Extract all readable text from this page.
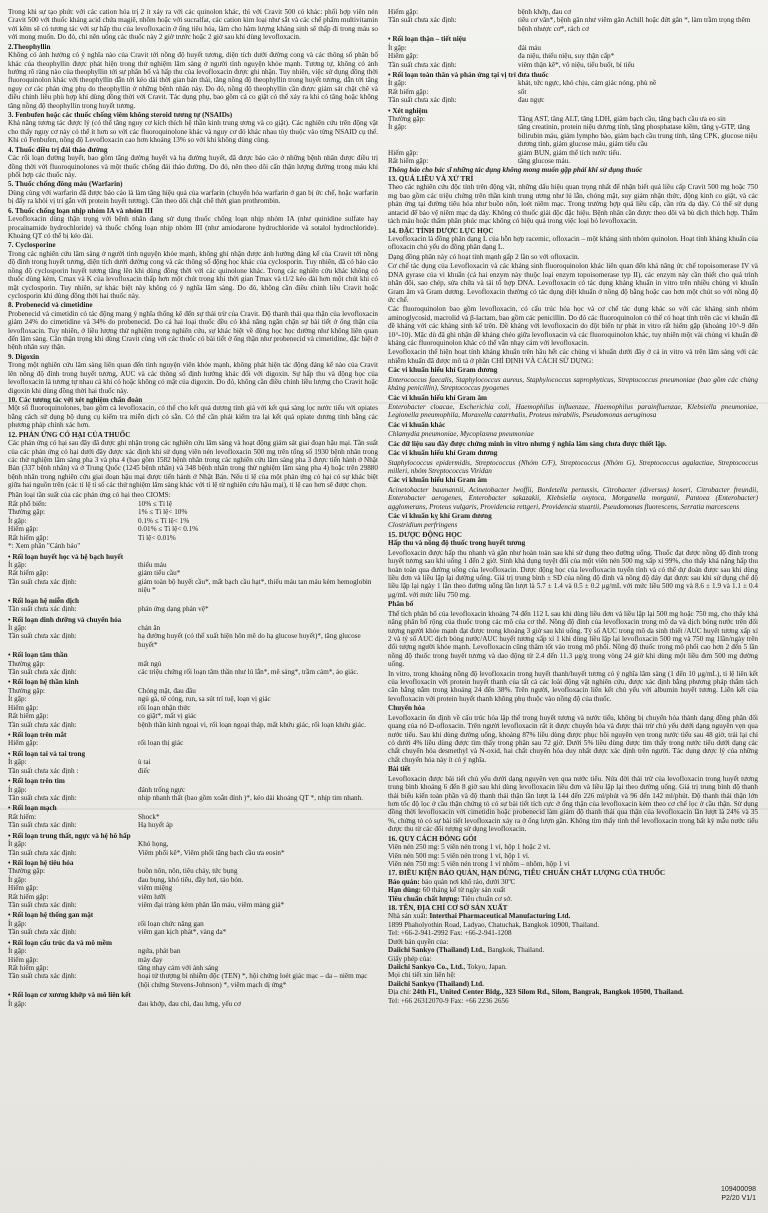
Trong khi sự tạo phức với các cation hóa trị 2 ít xảy ra với các quinolon khác, thì với Cravit 500 có khác: phối hợp viên nén Cravit 500 với thuốc kháng acid chứa magiê, nhôm hoặc với sucralfat, các cation kim loại như sắt và các chế phẩm multivitamin với kẽm sẽ có tương tác với sự hấp thu của levofloxacin ở ống tiêu hóa, làm cho hàm lượng kháng sinh sẽ thấp đi trong máu so với mong muốn. Do đó, chỉ nên uống các thuốc này 2 giờ trước hoặc 2 giờ sau khi dùng levofloxacin.

2.Theophyllin

Không có ảnh hưởng có ý nghĩa nào của Cravit tới nồng độ huyết tương, diện tích dưới đường cong và các thông số phân bố khác của theophyllin được phát hiện trong thử nghiệm lâm sàng ở người tình nguyện khỏe mạnh. Tương tự, không có ảnh hưởng rõ ràng nào của theophyllin tới sự phân bố và hấp thu của levofloxacin được ghi nhận. Tuy nhiên, việc sử dụng đồng thời fluoroquinolon khác với theophyllin dẫn tới kéo dài thời gian bán thải, tăng nồng độ theophyllin trong huyết tương, dẫn tới tăng nguy cơ các phản ứng phụ do theophyllin ở những bệnh nhân này. Do đó, nồng độ theophyllin cần được giám sát chặt chẽ và điều chỉnh liều phù hợp khi dùng đồng thời với Cravit. Tác dụng phụ, bao gồm cả co giật có thể xảy ra khi có tăng hoặc không tăng nồng độ theophyllin trong huyết tương.

3. Fenbufen hoặc các thuốc chống viêm không steroid tương tự (NSAIDs)

Khả năng tương tác được lý (có thể tăng nguy cơ kích thích hệ thần kinh trung ương và co giật). Các nghiên cứu trên động vật cho thấy nguy cơ này có thể ít hơn so với các fluoroquinolone khác và nguy cơ đó khác nhau tùy thuộc vào từng NSAID cụ thể. Khi có Fenbufen, nồng độ Levofloxacin cao hơn khoảng 13% so với khi không dùng cùng.

4. Thuốc điều trị đái tháo đường

Các rối loạn đường huyết, bao gồm tăng đường huyết và hạ đường huyết, đã được báo cáo ở những bệnh nhân được điều trị đồng thời với fluoroquinolones và một thuốc chống đái tháo đường. Do đó, nên theo dõi cẩn thận lượng đường trong máu khi phối hợp các thuốc này.

5. Thuốc chống đông máu (Warfarin)

Dùng cùng với warfarin đã được báo cáo là làm tăng hiệu quả của warfarin (chuyển hóa warfarin ở gan bị ức chế, hoặc warfarin bị đẩy ra khỏi vị trí gắn với protein huyết tương). Cần theo dõi chặt chẽ thời gian prothrombin.

6. Thuốc chống loạn nhịp nhóm IA và nhóm III

Levofloxacin dùng thận trọng với bệnh nhân đang sử dụng thuốc chống loạn nhịp nhóm IA (như quinidine sulfate hay procainamide hydrochloride) và thuốc chống loạn nhịp nhóm III (như amiodarone hydrochloride và sotalol hydrochloride). Khoảng QT có thể bị kéo dài.

7. Cyclosporine

Trong các nghiên cứu lâm sàng ở người tình nguyện khỏe mạnh, không ghi nhận được ảnh hưởng đáng kể của Cravit tới nồng độ đỉnh trong huyết tương, diện tích dưới đường cong và các thông số động học khác của cyclosporin. Tuy nhiên, đã có báo cáo nồng độ cyclosporin huyết tương tăng lên khi dùng đồng thời với các quinolone khác. Trong các nghiên cứu khác không có thuốc dùng kèm, Cmax và K của levofloxacin thấp hơn một chút trong khi thời gian Tmax và t1/2 kéo dài hơn một chút khi có mặt cyclosporin. Tuy nhiên, sự khác biệt này không có ý nghĩa lâm sàng. Do đó, không cần điều chỉnh liều Cravit hoặc cyclosporin khi dùng đồng thời hai thuốc này.

8. Probenecid và cimetidine

Probenecid và cimetidin có tác động mang ý nghĩa thống kê đến sự thải trừ của Cravit. Độ thanh thải qua thận của levofloxacin giảm 24% do cimetidine và 34% do probenecid. Do cả hai loại thuốc đều có khả năng ngăn chặn sự bài tiết ở ống thận của levofloxacin. Tuy nhiên, ở liều lượng thử nghiệm trong nghiên cứu, sự khác biệt về động học học dường như không liên quan đến lâm sàng. Cần thận trọng khi dùng Cravit cùng với các thuốc có bài tiết ở ống thận như probenecid và cimetidine, đặc biệt ở bệnh nhân suy thận.

9. Digoxin

Trong một nghiên cứu lâm sàng liên quan đến tình nguyện viên khỏe mạnh, không phát hiện tác động đáng kể nào của Cravit lên nồng độ đỉnh trong huyết tương, AUC và các thông số định hướng khác đối với digoxin. Sự hấp thu và động học của levofloxacin là tương tự nhau cả khi có hoặc không có mặt của digoxin. Do đó, không cần điều chỉnh liều lượng cho Cravit hoặc digoxin khi dùng đồng thời hai thuốc này.

10. Các tương tác với xét nghiệm chẩn đoán

Một số fluoroquinolones, bao gồm cả levofloxacin, có thể cho kết quả dương tính giả với kết quả sàng lọc nước tiểu với opiates bằng cách sử dụng bộ dụng cụ kiểm tra miễn dịch có sẵn. Có thể cần phải kiểm tra lại kết quả opiate dương tính bằng các phương pháp chính xác hơn.

12. PHẢN ỨNG CÓ HẠI CỦA THUỐC

Các phản ứng có hại sau đây đã được ghi nhận trong các nghiên cứu lâm sàng và hoạt động giám sát giai đoạn hậu mại. Tần suất của các phản ứng có hại dưới đây được xác định khi sử dụng viên nén levofloxacin 500 mg trên tổng số 1930 bệnh nhân trong các thử nghiệm lâm sàng pha 3 và pha 4 (bao gồm 1582 bệnh nhân trong các nghiên cứu lâm sàng pha 3 được tiến hành ở Nhật Bản (337 bệnh nhân) và ở Trung Quốc (1245 bệnh nhân) và 348 bệnh nhân trong thử nghiệm lâm sàng pha 4) hoặc trên 29880 bệnh nhân trong nghiên cứu giai đoạn hậu mại được tiến hành ở Nhật Bản. Nếu tỉ lệ của một phản ứng có hại có sự khác biệt giữa hai nguồn trên (các tỉ lệ tỉ số các thử nghiệm lâm sàng khác với tỉ lệ từ nghiên cứu hậu mại), tỉ lệ cao hơn sẽ được chọn.

Phân loại tần suất của các phản ứng có hại theo CIOMS:

Rất phổ biến:	10% ≤ Tỉ lệ
Thường gặp:	1% ≤ Tỉ lệ< 10%
Ít gặp:	0.1% ≤ Tỉ lệ< 1%
Hiếm gặp:	0.01% ≤ Tỉ lệ< 0.1%
Rất hiếm gặp:	Tỉ lệ< 0.01%

*: Xem phần "Cảnh báo"

• Rối loạn huyết học và hệ bạch huyết
Ít gặp:	thiếu máu
Rất hiếm gặp:	giảm tiểu cầu*
Tần suất chưa xác định:	giảm toàn bộ huyết cầu*, mất bạch cầu hạt*, thiếu máu tan máu kèm hemoglobin niệu *
• Rối loạn hệ miễn dịch
Tần suất chưa xác định:	phản ứng dạng phản vệ*
• Rối loạn dinh dưỡng và chuyển hóa
Ít gặp:	chán ăn
Tần suất chưa xác định:	hạ đường huyết (có thể xuất hiện hôn mê do hạ glucose huyết)*, tăng glucose huyết*
• Rối loạn tâm thần
Thường gặp:	mất ngủ
Tần suất chưa xác định:	các triệu chứng rối loạn tâm thần như lú lẫn*, mê sảng*, trầm cảm*, ảo giác.
• Rối loạn hệ thần kinh
Thường gặp:	Chóng mặt, đau đầu
Ít gặp:	ngủ gà, tê cóng, run, sa sút trí tuệ, loạn vị giác
Hiếm gặp:	rối loạn nhận thức
Rất hiếm gặp:	co giật*, mất vị giác
Tần suất chưa xác định:	bệnh thần kinh ngoại vi, rối loạn ngoại tháp, mất khứu giác, rối loạn khứu giác.
• Rối loạn trên mắt
Hiếm gặp:	rối loạn thị giác
• Rối loạn tai và tai trong
Ít gặp:	ù tai
Tần suất chưa xác định :	điếc
• Rối loạn trên tim
Ít gặp:	đánh trống ngực
Tần suất chưa xác định:	nhịp nhanh thất (bao gồm xoắn đỉnh )*, kéo dài khoảng QT *, nhịp tim nhanh.
• Rối loạn mạch
Rất hiếm:	Shock*
Tần suất chưa xác định:	Hạ huyết áp
• Rối loạn trung thất, ngực và hệ hô hấp
Ít gặp:	Khó họng,
Tần suất chưa xác định:	Viêm phổi kẽ*, Viêm phổi tăng bạch cầu ưa eosin*
• Rối loạn hệ tiêu hóa
Thường gặp:	buồn nôn, nôn, tiêu chảy, tức bụng
Ít gặp:	đau bụng, khó tiêu, đầy hơi, táo bón.
Hiếm gặp:	viêm miệng
Rất hiếm gặp:	viêm lưỡi
Tần suất chưa xác định:	viêm đại tràng kèm phân lẫn máu, viêm màng giả*
• Rối loạn hệ thống gan mật
Ít gặp:	rối loạn chức năng gan
Tần suất chưa xác định:	viêm gan kịch phát*, vàng da*
• Rối loạn cấu trúc da và mô mềm
Ít gặp:	ngứa, phát ban
Hiếm gặp:	mày đay
Rất hiếm gặp:	tăng nhạy cảm với ánh sáng
Tần suất chưa xác định:	hoại tử thượng bì nhiễm độc (TEN) *, hội chứng loét giác mạc – da – niêm mạc (hội chứng Stevens-Johnson) *, viêm mạch dị ứng*
• Rối loạn cơ xương khớp và mô liên kết
Ít gặp:	đau khớp, đau chi, đau lưng, yếu cơ
Hiếm gặp:	bệnh khớp, đau cơ
Tần suất chưa xác định:	tiêu cơ vân*, bệnh gân như viêm gân Achill hoặc đứt gân *, làm trầm trọng thêm bệnh nhược cơ*, rách cơ
• Rối loạn thận – tiết niệu
Ít gặp:	đái máu
Hiếm gặp:	đa niệu, thiểu niệu, suy thận cấp*
Tần suất chưa xác định:	viêm thận kẽ*, vô niệu, tiểu buốt, bí tiểu
• Rối loạn toàn thân và phản ứng tại vị trí đưa thuốc
Ít gặp:	khát, tức ngực, khó chịu, cảm giác nóng, phù nề
Rất hiếm gặp:	sốt
Tần suất chưa xác định:	đau ngực
• Xét nghiệm
Thường gặp:	Tăng AST, tăng ALT, tăng LDH, giảm bạch cầu, tăng bạch cầu ưa eo sin
Ít gặp:	tăng creatinin, protein niệu dương tính, tăng phosphatase kiềm, tăng γ-GTP, tăng bilirubin máu, giảm lympho bào, giảm bạch cầu trung tính, tăng CPK, glucose niệu dương tính, giảm glucose máu, giảm tiểu cầu
Hiếm gặp:	giảm BUN, giảm thể tích nước tiểu.
Rất hiếm gặp:	tăng glucose máu.

Thông báo cho bác sĩ những tác dụng không mong muốn gặp phải khi sử dụng thuốc

13. QUÁ LIỀU VÀ XỬ TRÍ

Theo các nghiên cứu độc tính trên động vật, những dấu hiệu quan trọng nhất để nhận biết quá liều cấp Cravit 500 mg hoặc 750 mg bao gồm các triệu chứng trên thần kinh trung ương như lú lẫn, chóng mặt, suy giảm nhận thức, động kinh co giật, và các phản ứng tại đường tiêu hóa như buồn nôn, loét niêm mạc. Trong trường hợp quá liều cấp, cần rửa dạ dày. Có thể sử dụng antacid để bảo vệ niêm mạc dạ dày. Không có thuốc giải độc đặc hiệu. Bệnh nhân cần được theo dõi và bù dịch thích hợp. Thẩm tách máu hoặc thẩm phân phúc mạc không có hiệu quả trong việc loại bỏ levofloxacin.

14. ĐẶC TÍNH DƯỢC LỰC HỌC

Levofloxacin là đồng phân dạng L của hỗn hợp racemic, ofloxacin – một kháng sinh nhóm quinolon. Hoạt tính kháng khuẩn của ofloxacin chủ yếu do đồng phân dạng L.

Dạng đồng phân này có hoạt tính mạnh gấp 2 lần so với ofloxacin.

Cơ chế tác dụng của Levofloxacin và các kháng sinh fluoroquinolon khác liên quan đến khả năng ức chế topoisomerase IV và DNA gyrase của vi khuẩn (cả hai enzym này thuộc loại enzym topoisomerase typ II), các enzym này cần thiết cho quá trình nhân đôi, sao chép, sửa chữa và tái tổ hợp DNA. Levofloxacin có tác dụng kháng khuẩn in vitro trên nhiều chủng vi khuẩn Gram âm và Gram dương. Levofloxacin thường có tác dụng diệt khuẩn ở nồng độ bằng hoặc cao hơn một chút so với nồng độ ức chế.

Các fluoroquinolon bao gồm levofloxacin, có cấu trúc hóa học và cơ chế tác dụng khác so với các kháng sinh nhóm aminoglycosid, macrolid và β-lactam, bao gồm các penicillin. Do đó các fluoroquinolon có thể có hoạt tính trên các vi khuẩn đã đề kháng với các kháng sinh kể trên. Đề kháng với levofloxacin do đột biến tự phát in vitro rất hiếm gặp (khoảng 10^-9 đến 10^-10). Mặc dù đã ghi nhận đề kháng chéo giữa levofloxacin và các fluoroquinolon khác, tuy nhiên một vài chủng vi khuẩn đề kháng các fluoroquinolon khác có thể vẫn nhạy cảm với levofloxacin.

Levofloxacin thể hiện hoạt tính kháng khuẩn trên hầu hết các chủng vi khuẩn dưới đây ở cả in vitro và trên lâm sàng với các nhiễm khuẩn đã được mô tả ở phần CHỈ ĐỊNH VÀ CÁCH SỬ DỤNG:

Các vi khuẩn hiếu khí Gram dương

Enterococcus faecalis, Staphylococcus aureus, Staphylococcus saprophyticus, Streptococcus pneumoniae (bao gồm các chủng kháng penicillin), Streptococcus pyogenes

Các vi khuẩn hiếu khí Gram âm

Enterobacter cloacae, Escherichia coli, Haemophilus influenzae, Haemophilus parainfluenzae, Klebsiella pneumoniae, Legionella pneumophila, Moraxella catarrhalis, Proteus mirabilis, Pseudomonas aeruginosa

Các vi khuẩn khác

Chlamydia pneumoniae, Mycoplasma pneumoniae

Các dữ liệu sau đây được chứng minh in vitro nhưng ý nghĩa lâm sàng chưa được thiết lập.

Các vi khuẩn hiếu khí Gram dương

Staphylococcus epidermidis, Streptococcus (Nhóm C/F), Streptococcus (Nhóm G), Streptococcus agalactiae, Streptococcus milleri, nhóm Streptococcus Viridan

Các vi khuẩn hiếu khí Gram âm

Acinetobacter baumannii, Acinetobacter lwoffii, Bordetella pertussis, Citrobacter (diversus) koseri, Citrobacter freundii, Enterobacter aerogenes, Enterobacter sakazakii, Klebsiella oxytoca, Morganella morganii, Pantoea (Enterobacter) agglomerans, Proteus vulgaris, Providencia rettgeri, Providencia stuartii, Pseudomonas fluorescens, Serratia marcescens

Các vi khuẩn kỵ khí Gram dương

Clostridium perfringens

15. DƯỢC ĐỘNG HỌC

Hấp thu và nồng độ thuốc trong huyết tương

Levofloxacin được hấp thu nhanh và gần như hoàn toàn sau khi sử dụng theo đường uống. Thuốc đạt được nồng độ đỉnh trong huyết tương sau khi uống 1 đến 2 giờ. Sinh khả dụng tuyệt đối của một viên nén 500 mg xấp xỉ 99%, cho thấy khả năng hấp thu hoàn toàn qua đường uống của levofloxacin. Dược động học của levofloxacin tuyến tính và có thể dự đoán được sau khi dùng liều đơn và liều lặp lại đường uống. Giá trị trung bình ± SD của nồng độ đỉnh và nồng độ đáy đạt được sau khi sử dụng chế độ liều lặp lại ngày 1 lần theo đường uống lần lượt là 5.7 ± 1.4 và 0.5 ± 0.2 μg/mL với mức liều 500 mg và 8.6 ± 1.9 và 1.1 ± 0.4 μg/mL với mức liều 750 mg.

Phân bố

Thể tích phân bố của levofloxacin khoảng 74 đến 112 L sau khi dùng liều đơn và liều lặp lại 500 mg hoặc 750 mg, cho thấy khả năng phân bố rộng của thuốc trong các mô của cơ thể. Nồng độ đỉnh của levofloxacin trong mô da và dịch bóng nước trên đối tượng người khỏe mạnh đạt được trong khoảng 3 giờ sau khi uống. Tỷ số AUC trong mô da sinh thiết /AUC huyết tương xấp xỉ 2 và tỷ số AUC dịch bóng nước/AUC huyết tương xấp xỉ 1 khi dùng liều lặp lại levofloxacin 500 mg và 750 mg 1lần/ngày trên đối tượng người khỏe mạnh. Levofloxacin cũng thâm tốt vào trong mô phổi. Nồng độ thuốc trong mô phổi cao hơn 2 đến 5 lần nồng độ thuốc trong huyết tương và dao động từ 2.4 đến 11.3 μg/g trong vòng 24 giờ khi dùng một liều đơn 500 mg đường uống.

In vitro, trong khoảng nồng độ levofloxacin trong huyết thanh/huyết tương có ý nghĩa lâm sàng (1 đến 10 μg/mL), tỉ lệ liên kết của levofloxacin với protein huyết thanh của tất cả các loài động vật nghiên cứu, được xác định bằng phương pháp thẩm tách cân bằng nằm trong khoảng 24 đến 38%. Trên người, levofloxacin liên kết chủ yếu với albumin huyết tương. Liên kết của levofloxacin với protein huyết thanh không phụ thuộc vào nồng độ của thuốc.

Chuyển hóa

Levofloxacin ổn định về cấu trúc hóa lập thể trong huyết tương và nước tiểu, không bị chuyển hóa thành dạng đồng phân đối quang của nó D-ofloxacin. Trên người levofloxacin rất ít được chuyển hóa và được thải trừ chủ yếu dưới dạng nguyên vẹn qua nước tiểu. Sau khi dùng đường uống, khoảng 87% liều dùng được phục hồi nguyên vẹn trong nước tiểu sau 48 giờ, trái lại chỉ có dưới 4% liều dùng được tìm thấy trong phân sau 72 giờ. Dưới 5% liều dùng được tìm thấy trong nước tiểu dưới dạng các chất chuyển hóa desmethyl và N-oxid, hai chất chuyển hóa duy nhất được xác định trên người. Tác dụng dược lý của những chất chuyển hóa này ít có ý nghĩa.

Bài tiết

Levofloxacin được bài tiết chủ yếu dưới dạng nguyên vẹn qua nước tiểu. Nửa đời thải trừ của levofloxacin trong huyết tương trung bình khoảng 6 đến 8 giờ sau khi dùng levofloxacin liều đơn và liều lặp lại theo đường uống. Giá trị trung bình độ thanh thải biểu kiến toàn phần và độ thanh thải thận lần lượt là 144 đến 226 ml/phút và 96 đến 142 ml/phút. Độ thanh thải thận lớn hơn tốc độ lọc ở cầu thận chứng tỏ có sự bài tiết tích cực ở ống thận của levofloxacin kèm theo cơ chế lọc ở cầu thận. Sử dụng đồng thời levofloxacin với cimetidin hoặc probenecid làm giảm độ thanh thải qua thận của levofloxacin lần lượt là 24% và 35 %, chứng tỏ có sự bài tiết levofloxacin xảy ra ở ống lượn gần. Không tìm thấy tinh thể levofloxacin trong bất kỳ mẫu nước tiểu được thu từ các đối tượng sử dụng levofloxacin.

16. QUY CÁCH ĐÓNG GÓI

Viên nén 250 mg: 5 viên nén trong 1 vỉ, hộp 1 hoặc 2 vỉ.

Viên nén 500 mg: 5 viên nén trong 1 vỉ, hộp 1 vỉ.

Viên nén 750 mg: 5 viên nén trong 1 vỉ nhôm – nhôm, hộp 1 vỉ

17. ĐIỀU KIỆN BẢO QUẢN, HẠN DÙNG, TIÊU CHUẨN CHẤT LƯỢNG CỦA THUỐC

Bảo quản: bảo quản nơi khô ráo, dưới 30ºC

Hạn dùng: 60 tháng kể từ ngày sản xuất

Tiêu chuẩn chất lượng: Tiêu chuẩn cơ sở.

18. TÊN, ĐỊA CHỈ CƠ SỞ SẢN XUẤT

Nhà sản xuất: Interthai Pharmaceutical Manufacturing Ltd.

1899 Phaholyothin Road, Ladyao, Chatuchak, Bangkok 10900, Thailand.

Tel: +66-2-941-2992 Fax: +66-2-941-1208

Dưới bản quyền của:

Daiichi Sankyo (Thailand) Ltd., Bangkok, Thailand.

Giấy phép của:

Daiichi Sankyo Co., Ltd., Tokyo, Japan.

Mọi chi tiết xin liên hệ:

Daiichi Sankyo (Thailand) Ltd.

Địa chỉ: 24th Fl., United Center Bldg., 323 Silom Rd., Silom, Bangrak, Bangkok 10500, Thailand.

Tel: +66 26312070-9 Fax: +66 2236 2656

109400098
P2/20 V1/1
